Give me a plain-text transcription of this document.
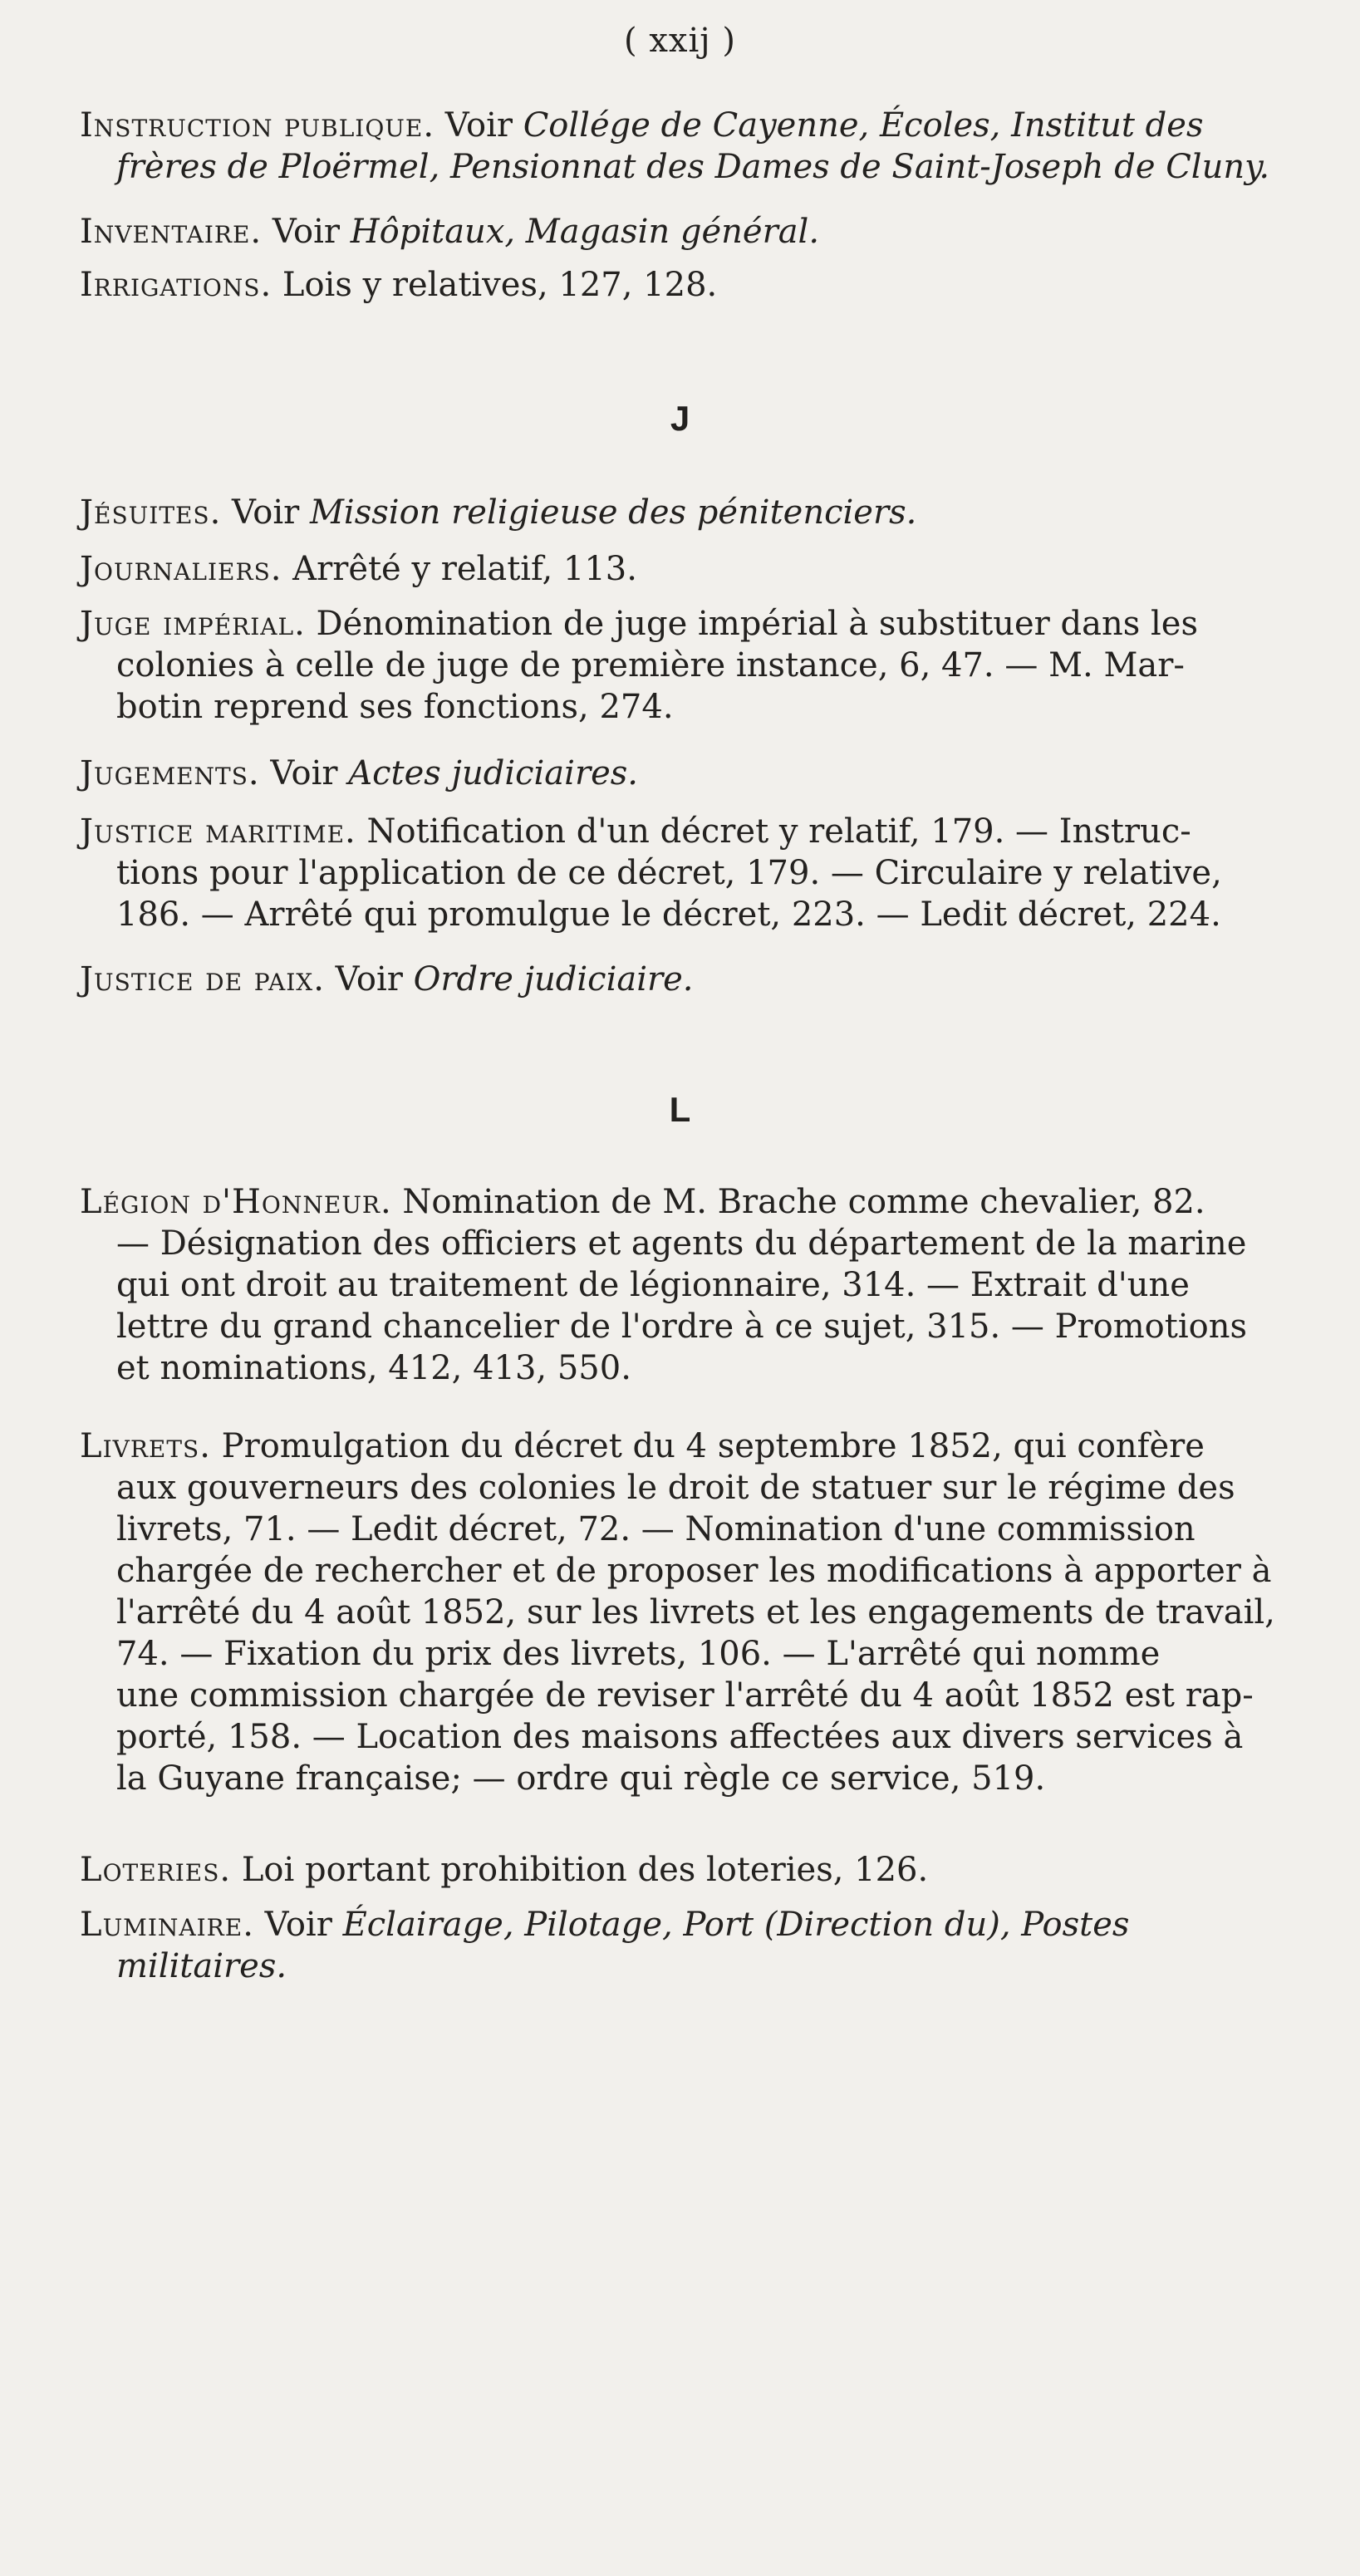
( xxij )
Instruction publique. Voir Collége de Cayenne, Écoles, Institut des
frères de Ploërmel, Pensionnat des Dames de Saint-Joseph de Cluny.
Inventaire. Voir Hôpitaux, Magasin général.
Irrigations. Lois y relatives, 127, 128.
J
Jésuites. Voir Mission religieuse des pénitenciers.
Journaliers. Arrêté y relatif, 113.
Juge impérial. Dénomination de juge impérial à substituer dans les
colonies à celle de juge de première instance, 6, 47. — M. Mar-
botin reprend ses fonctions, 274.
Jugements. Voir Actes judiciaires.
Justice maritime. Notification d'un décret y relatif, 179. — Instruc-
tions pour l'application de ce décret, 179. — Circulaire y relative,
186. — Arrêté qui promulgue le décret, 223. — Ledit décret, 224.
Justice de paix. Voir Ordre judiciaire.
L
Légion d'Honneur. Nomination de M. Brache comme chevalier, 82.
— Désignation des officiers et agents du département de la marine
qui ont droit au traitement de légionnaire, 314. — Extrait d'une
lettre du grand chancelier de l'ordre à ce sujet, 315. — Promotions
et nominations, 412, 413, 550.
Livrets. Promulgation du décret du 4 septembre 1852, qui confère
aux gouverneurs des colonies le droit de statuer sur le régime des
livrets, 71. — Ledit décret, 72. — Nomination d'une commission
chargée de rechercher et de proposer les modifications à apporter à
l'arrêté du 4 août 1852, sur les livrets et les engagements de travail,
74. — Fixation du prix des livrets, 106. — L'arrêté qui nomme
une commission chargée de reviser l'arrêté du 4 août 1852 est rap-
porté, 158. — Location des maisons affectées aux divers services à
la Guyane française; — ordre qui règle ce service, 519.
Loteries. Loi portant prohibition des loteries, 126.
Luminaire. Voir Éclairage, Pilotage, Port (Direction du), Postes
militaires.
